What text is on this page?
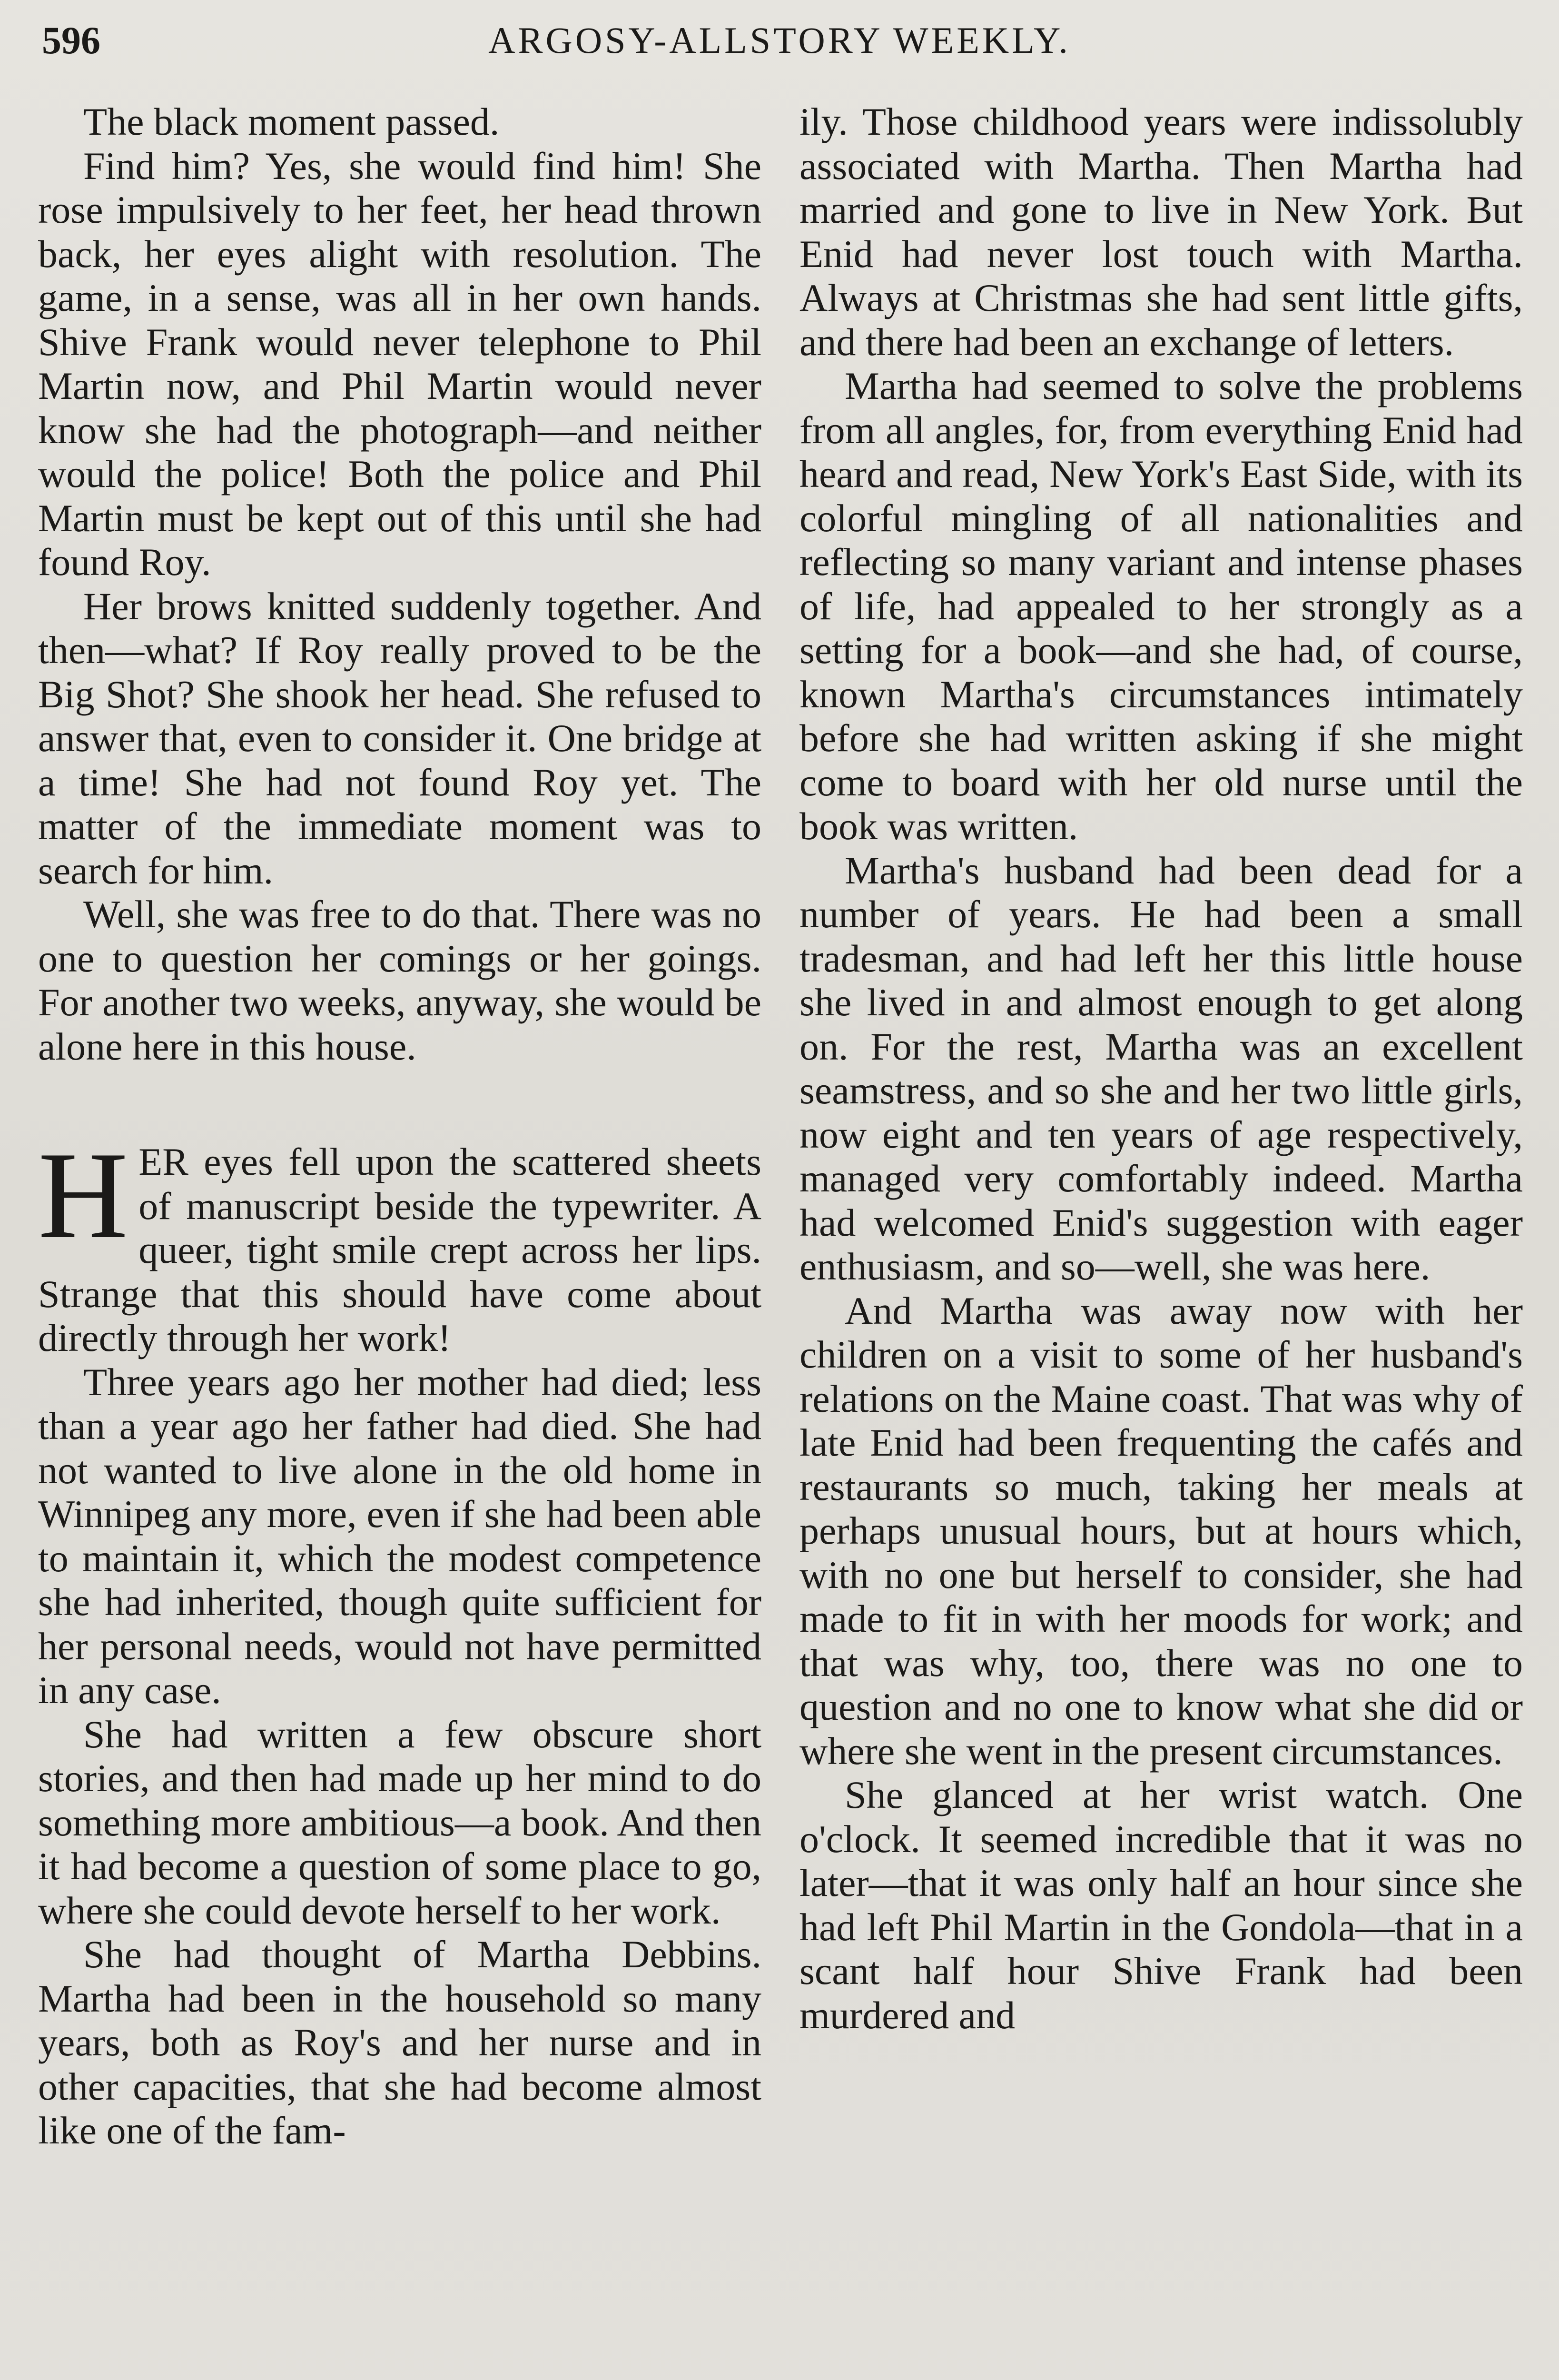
596	ARGOSY-ALLSTORY WEEKLY.

The black moment passed.

Find him? Yes, she would find him! She rose impulsively to her feet, her head thrown back, her eyes alight with resolution. The game, in a sense, was all in her own hands. Shive Frank would never telephone to Phil Martin now, and Phil Martin would never know she had the photograph—and neither would the police! Both the police and Phil Martin must be kept out of this until she had found Roy.

Her brows knitted suddenly together. And then—what? If Roy really proved to be the Big Shot? She shook her head. She refused to answer that, even to consider it. One bridge at a time! She had not found Roy yet. The matter of the immediate moment was to search for him.

Well, she was free to do that. There was no one to question her comings or her goings. For another two weeks, anyway, she would be alone here in this house.

HER eyes fell upon the scattered sheets of manuscript beside the typewriter. A queer, tight smile crept across her lips. Strange that this should have come about directly through her work!

Three years ago her mother had died; less than a year ago her father had died. She had not wanted to live alone in the old home in Winnipeg any more, even if she had been able to maintain it, which the modest competence she had inherited, though quite sufficient for her personal needs, would not have permitted in any case.

She had written a few obscure short stories, and then had made up her mind to do something more ambitious—a book. And then it had become a question of some place to go, where she could devote herself to her work.

She had thought of Martha Debbins. Martha had been in the household so many years, both as Roy's and her nurse and in other capacities, that she had become almost like one of the fam-

ily. Those childhood years were indissolubly associated with Martha. Then Martha had married and gone to live in New York. But Enid had never lost touch with Martha. Always at Christmas she had sent little gifts, and there had been an exchange of letters.

Martha had seemed to solve the problems from all angles, for, from everything Enid had heard and read, New York's East Side, with its colorful mingling of all nationalities and reflecting so many variant and intense phases of life, had appealed to her strongly as a setting for a book—and she had, of course, known Martha's circumstances intimately before she had written asking if she might come to board with her old nurse until the book was written.

Martha's husband had been dead for a number of years. He had been a small tradesman, and had left her this little house she lived in and almost enough to get along on. For the rest, Martha was an excellent seamstress, and so she and her two little girls, now eight and ten years of age respectively, managed very comfortably indeed. Martha had welcomed Enid's suggestion with eager enthusiasm, and so—well, she was here.

And Martha was away now with her children on a visit to some of her husband's relations on the Maine coast. That was why of late Enid had been frequenting the cafés and restaurants so much, taking her meals at perhaps unusual hours, but at hours which, with no one but herself to consider, she had made to fit in with her moods for work; and that was why, too, there was no one to question and no one to know what she did or where she went in the present circumstances.

She glanced at her wrist watch. One o'clock. It seemed incredible that it was no later—that it was only half an hour since she had left Phil Martin in the Gondola—that in a scant half hour Shive Frank had been murdered and
